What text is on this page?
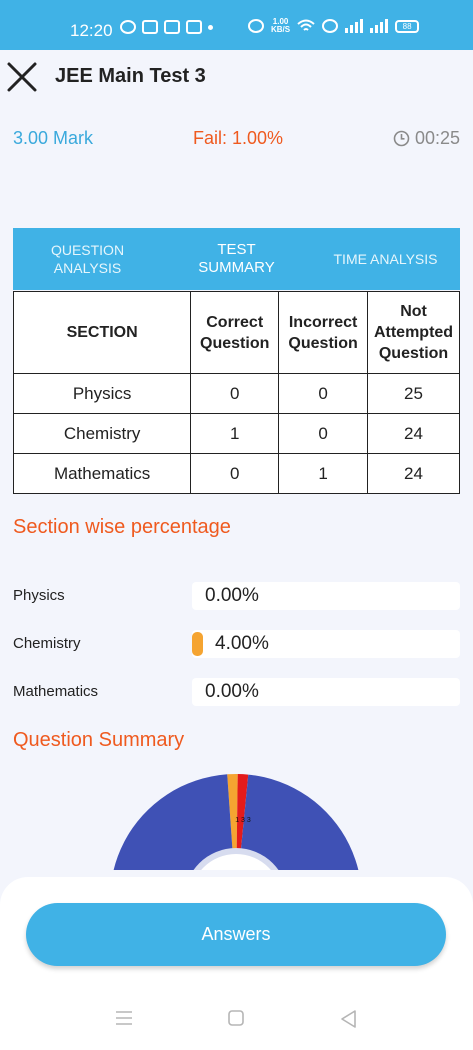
12:20	1.00
KB/S	88
JEE Main Test 3
3.00 Mark	Fail: 1.00%	00:25
QUESTION ANALYSIS
TEST SUMMARY	TIME ANALYSIS
SECTION	Correct Question	Incorrect Question	Not Attempted Question
Physics	0	0	25
Chemistry	1	0	24
Mathematics	0	1	24
Section wise percentage
Physics	0.00%
Chemistry	4.00%
Mathematics	0.00%
Question Summary
1 3 3
Answers
